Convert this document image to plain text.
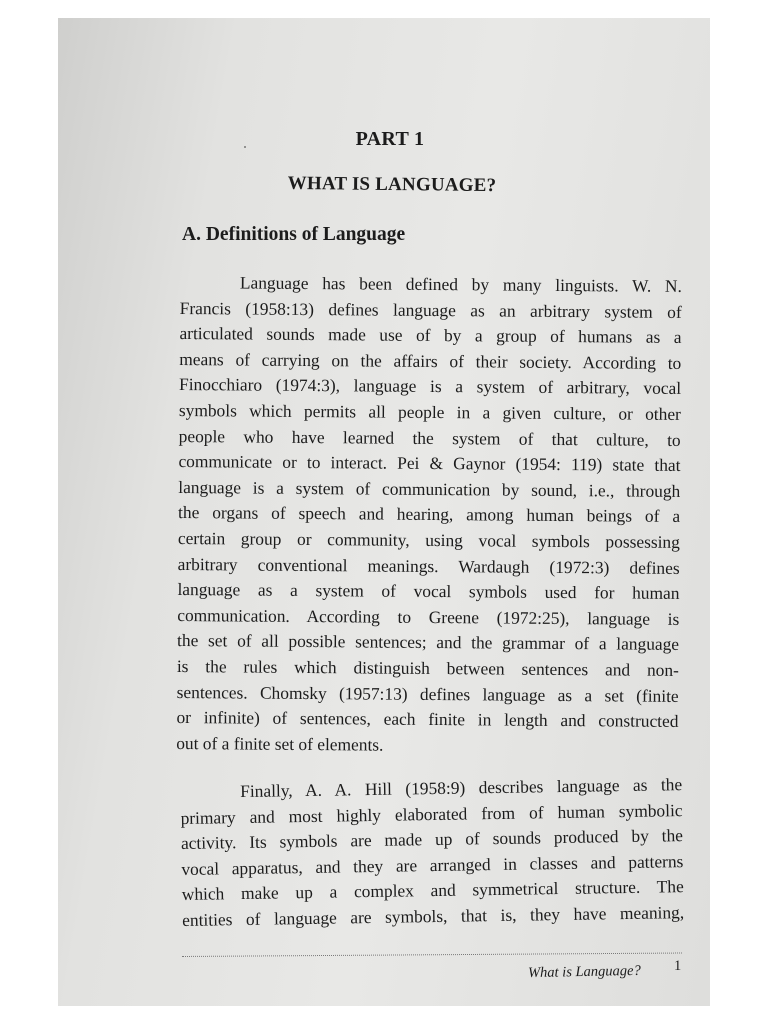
PART 1
WHAT IS LANGUAGE?
A. Definitions of Language
Language has been defined by many linguists. W. N.
Francis (1958:13) defines language as an arbitrary system of
articulated sounds made use of by a group of humans as a
means of carrying on the affairs of their society. According to
Finocchiaro (1974:3), language is a system of arbitrary, vocal
symbols which permits all people in a given culture, or other
people who have learned the system of that culture, to
communicate or to interact. Pei & Gaynor (1954: 119) state that
language is a system of communication by sound, i.e., through
the organs of speech and hearing, among human beings of a
certain group or community, using vocal symbols possessing
arbitrary conventional meanings. Wardaugh (1972:3) defines
language as a system of vocal symbols used for human
communication. According to Greene (1972:25), language is
the set of all possible sentences; and the grammar of a language
is the rules which distinguish between sentences and non-
sentences. Chomsky (1957:13) defines language as a set (finite
or infinite) of sentences, each finite in length and constructed
out of a finite set of elements.
Finally, A. A. Hill (1958:9) describes language as the
primary and most highly elaborated from of human symbolic
activity. Its symbols are made up of sounds produced by the
vocal apparatus, and they are arranged in classes and patterns
which make up a complex and symmetrical structure. The
entities of language are symbols, that is, they have meaning,
What is Language? 1
